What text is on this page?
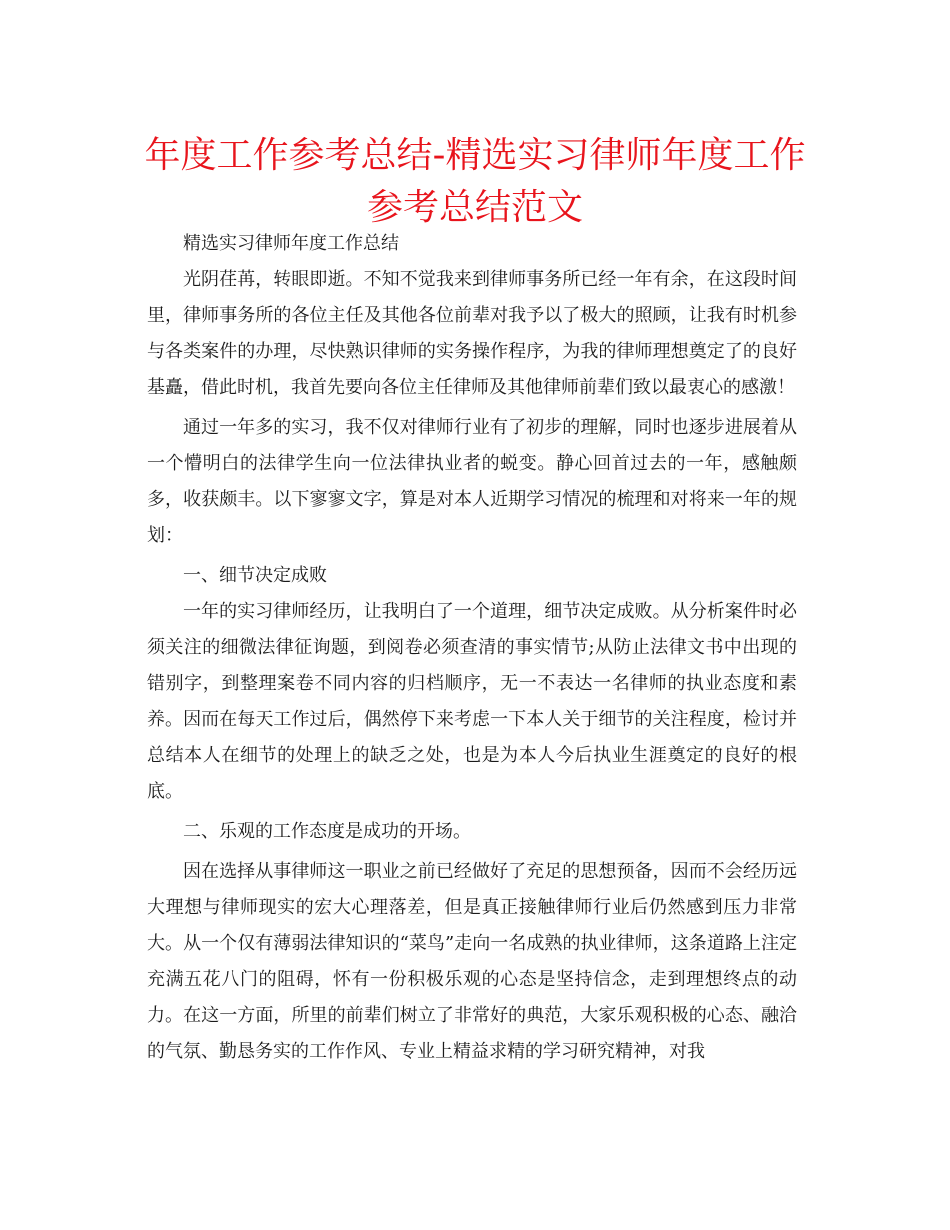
年度工作参考总结-精选实习律师年度工作参考总结范文

精选实习律师年度工作总结

光阴荏苒，转眼即逝。不知不觉我来到律师事务所已经一年有余，在这段时间里，律师事务所的各位主任及其他各位前辈对我予以了极大的照顾，让我有时机参与各类案件的办理，尽快熟识律师的实务操作程序，为我的律师理想奠定了的良好基矗，借此时机，我首先要向各位主任律师及其他律师前辈们致以最衷心的感激！

通过一年多的实习，我不仅对律师行业有了初步的理解，同时也逐步进展着从一个懵明白的法律学生向一位法律执业者的蜕变。静心回首过去的一年，感触颇多，收获颇丰。以下寥寥文字，算是对本人近期学习情况的梳理和对将来一年的规划：

一、细节决定成败

一年的实习律师经历，让我明白了一个道理，细节决定成败。从分析案件时必须关注的细微法律征询题，到阅卷必须查清的事实情节;从防止法律文书中出现的错别字，到整理案卷不同内容的归档顺序，无一不表达一名律师的执业态度和素养。因而在每天工作过后，偶然停下来考虑一下本人关于细节的关注程度，检讨并总结本人在细节的处理上的缺乏之处，也是为本人今后执业生涯奠定的良好的根底。

二、乐观的工作态度是成功的开场。

因在选择从事律师这一职业之前已经做好了充足的思想预备，因而不会经历远大理想与律师现实的宏大心理落差，但是真正接触律师行业后仍然感到压力非常大。从一个仅有薄弱法律知识的“菜鸟”走向一名成熟的执业律师，这条道路上注定充满五花八门的阻碍，怀有一份积极乐观的心态是坚持信念，走到理想终点的动力。在这一方面，所里的前辈们树立了非常好的典范，大家乐观积极的心态、融洽的气氛、勤恳务实的工作作风、专业上精益求精的学习研究精神，对我
